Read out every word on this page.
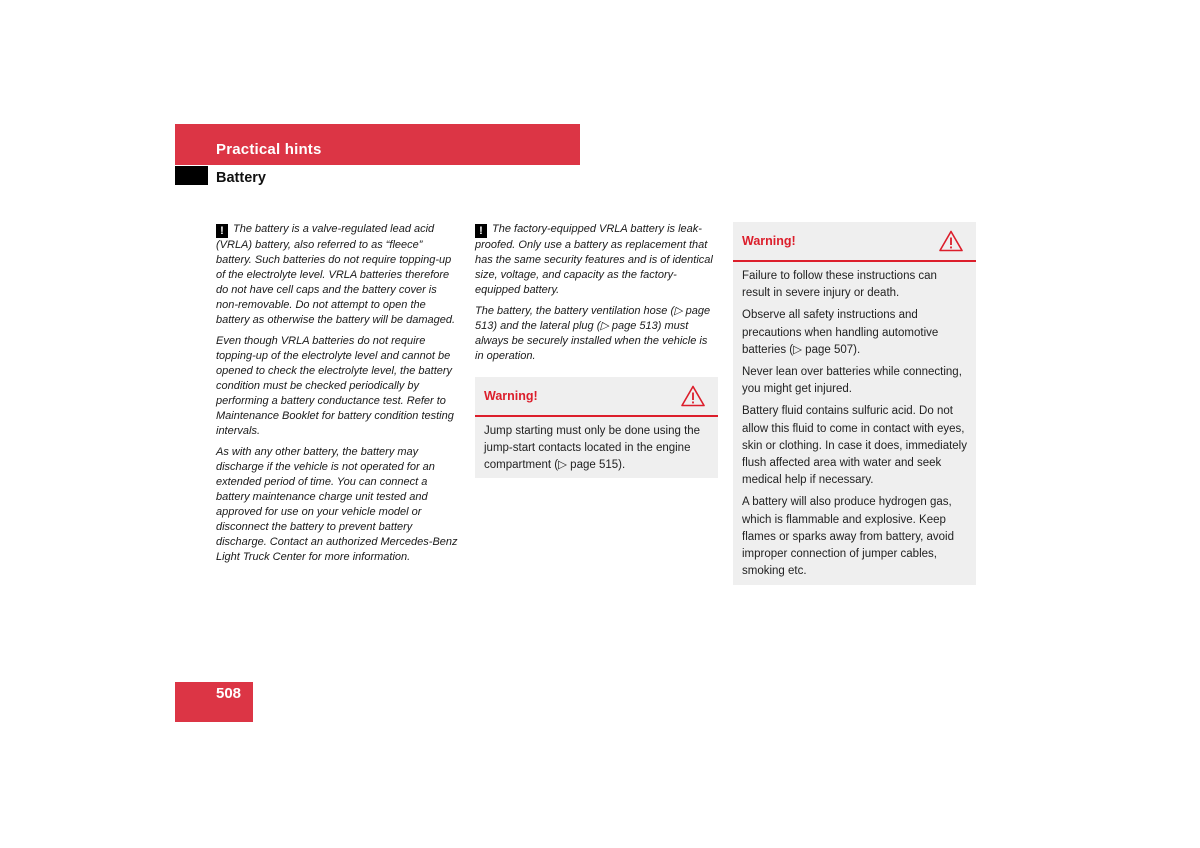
Practical hints
Battery

! The battery is a valve-regulated lead acid (VRLA) battery, also referred to as “fleece” battery. Such batteries do not require topping-up of the electrolyte level. VRLA batteries therefore do not have cell caps and the battery cover is non-removable. Do not attempt to open the battery as otherwise the battery will be damaged.

Even though VRLA batteries do not require topping-up of the electrolyte level and cannot be opened to check the electrolyte level, the battery condition must be checked periodically by performing a battery conductance test. Refer to Maintenance Booklet for battery condition testing intervals.

As with any other battery, the battery may discharge if the vehicle is not operated for an extended period of time. You can connect a battery maintenance charge unit tested and approved for use on your vehicle model or disconnect the battery to prevent battery discharge. Contact an authorized Mercedes-Benz Light Truck Center for more information.

! The factory-equipped VRLA battery is leak-proofed. Only use a battery as replacement that has the same security features and is of identical size, voltage, and capacity as the factory-equipped battery.

The battery, the battery ventilation hose (▷ page 513) and the lateral plug (▷ page 513) must always be securely installed when the vehicle is in operation.

Warning!

Jump starting must only be done using the jump-start contacts located in the engine compartment (▷ page 515).

Warning!

Failure to follow these instructions can result in severe injury or death.

Observe all safety instructions and precautions when handling automotive batteries (▷ page 507).

Never lean over batteries while connecting, you might get injured.

Battery fluid contains sulfuric acid. Do not allow this fluid to come in contact with eyes, skin or clothing. In case it does, immediately flush affected area with water and seek medical help if necessary.

A battery will also produce hydrogen gas, which is flammable and explosive. Keep flames or sparks away from battery, avoid improper connection of jumper cables, smoking etc.

508
